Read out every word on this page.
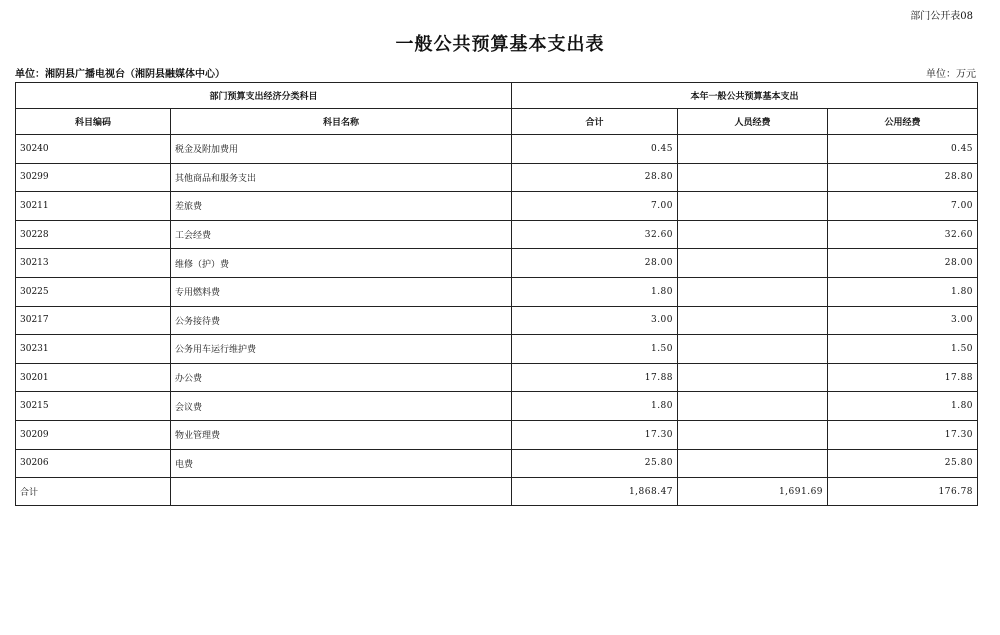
部门公开表08
一般公共预算基本支出表
单位：湘阴县广播电视台（湘阴县融媒体中心）	单位：万元
部门预算支出经济分类科目		本年一般公共预算基本支出		
科目编码	科目名称	合计	人员经费	公用经费
30240	税金及附加费用	0.45		0.45
30299	其他商品和服务支出	28.80		28.80
30211	差旅费	7.00		7.00
30228	工会经费	32.60		32.60
30213	维修（护）费	28.00		28.00
30225	专用燃料费	1.80		1.80
30217	公务接待费	3.00		3.00
30231	公务用车运行维护费	1.50		1.50
30201	办公费	17.88		17.88
30215	会议费	1.80		1.80
30209	物业管理费	17.30		17.30
30206	电费	25.80		25.80
合计		1,868.47	1,691.69	176.78
